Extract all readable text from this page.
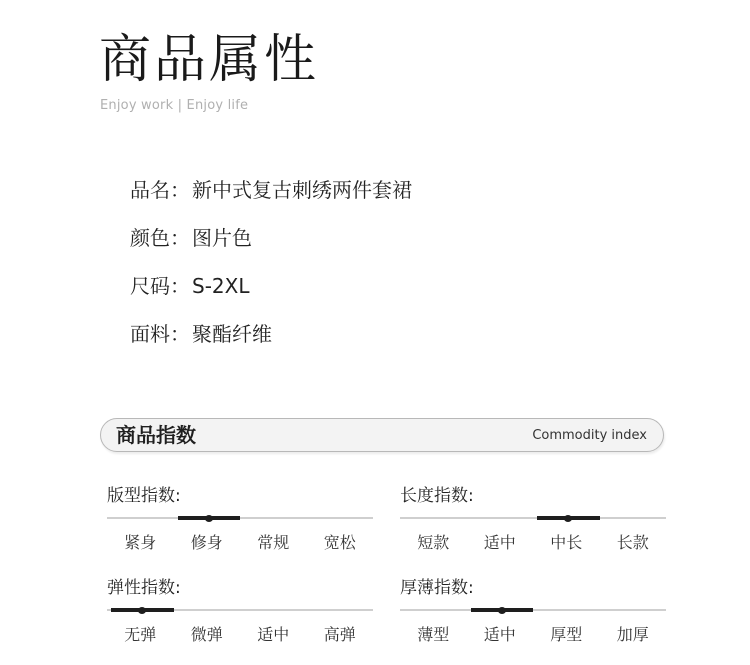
商品属性
Enjoy work | Enjoy life
品名： 新中式复古刺绣两件套裙
颜色： 图片色
尺码： S-2XL
面料： 聚酯纤维
商品指数	Commodity index
版型指数:
紧身	修身	常规	宽松
长度指数:
短款	适中	中长	长款
弹性指数:
无弹	微弹	适中	高弹
厚薄指数:
薄型	适中	厚型	加厚
